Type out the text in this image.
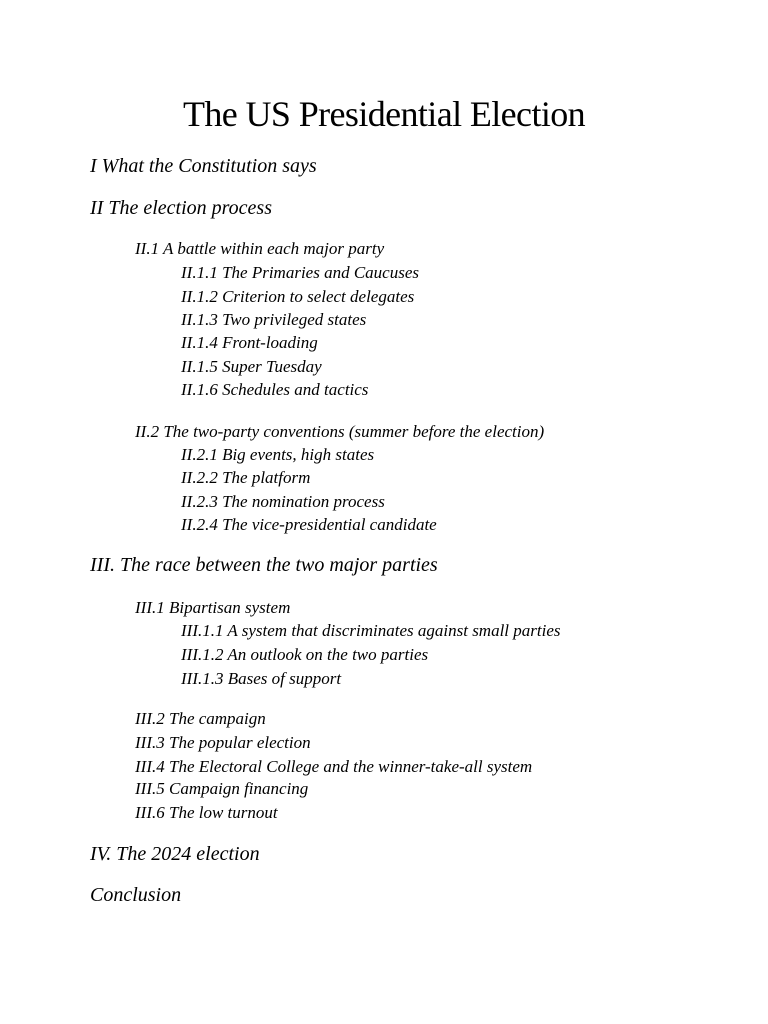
The US Presidential Election
I What the Constitution says
II The election process
II.1 A battle within each major party
II.1.1 The Primaries and Caucuses
II.1.2 Criterion to select delegates
II.1.3 Two privileged states
II.1.4 Front-loading
II.1.5 Super Tuesday
II.1.6 Schedules and tactics
II.2 The two-party conventions (summer before the election)
II.2.1 Big events, high states
II.2.2 The platform
II.2.3 The nomination process
II.2.4 The vice-presidential candidate
III. The race between the two major parties
III.1 Bipartisan system
III.1.1 A system that discriminates against small parties
III.1.2 An outlook on the two parties
III.1.3 Bases of support
III.2 The campaign
III.3 The popular election
III.4 The Electoral College and the winner-take-all system
III.5 Campaign financing
III.6 The low turnout
IV. The 2024 election
Conclusion
